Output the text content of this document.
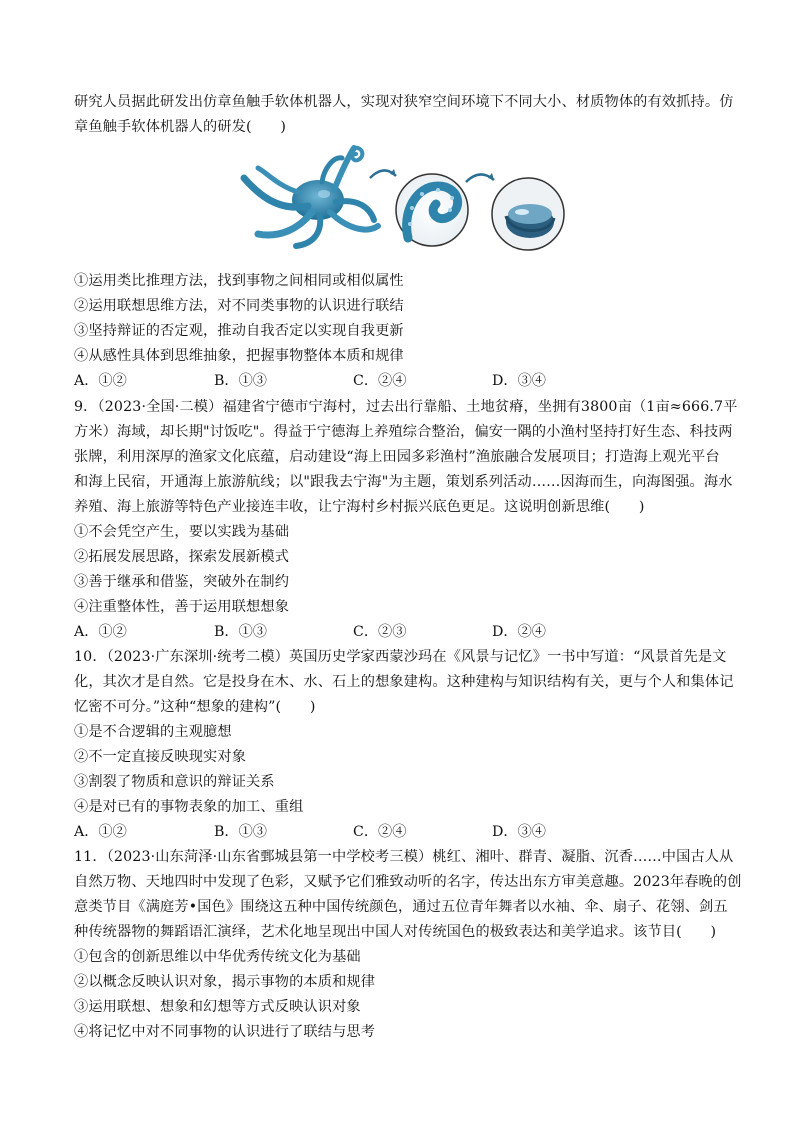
研究人员据此研发出仿章鱼触手软体机器人，实现对狭窄空间环境下不同大小、材质物体的有效抓持。仿
章鱼触手软体机器人的研发(　　)
①运用类比推理方法，找到事物之间相同或相似属性
②运用联想思维方法，对不同类事物的认识进行联结
③坚持辩证的否定观，推动自我否定以实现自我更新
④从感性具体到思维抽象，把握事物整体本质和规律
A．①②	B．①③	C．②④	D．③④
9．（2023·全国·二模）福建省宁德市宁海村，过去出行靠船、土地贫瘠，坐拥有3800亩（1亩≈666.7平
方米）海域，却长期"讨饭吃"。得益于宁德海上养殖综合整治，偏安一隅的小渔村坚持打好生态、科技两
张牌，利用深厚的渔家文化底蕴，启动建设“海上田园多彩渔村”渔旅融合发展项目；打造海上观光平台
和海上民宿，开通海上旅游航线；以"跟我去宁海"为主题，策划系列活动……因海而生，向海图强。海水
养殖、海上旅游等特色产业接连丰收，让宁海村乡村振兴底色更足。这说明创新思维(　　)
①不会凭空产生，要以实践为基础
②拓展发展思路，探索发展新模式
③善于继承和借鉴，突破外在制约
④注重整体性，善于运用联想想象
A．①②	B．①③	C．②③	D．②④
10．（2023·广东深圳·统考二模）英国历史学家西蒙沙玛在《风景与记忆》一书中写道：“风景首先是文
化，其次才是自然。它是投身在木、水、石上的想象建构。这种建构与知识结构有关，更与个人和集体记
忆密不可分。”这种“想象的建构”(　　)
①是不合逻辑的主观臆想
②不一定直接反映现实对象
③割裂了物质和意识的辩证关系
④是对已有的事物表象的加工、重组
A．①②	B．①③	C．②④	D．③④
11．（2023·山东菏泽·山东省鄄城县第一中学校考三模）桃红、湘叶、群青、凝脂、沉香……中国古人从
自然万物、天地四时中发现了色彩，又赋予它们雅致动听的名字，传达出东方审美意趣。2023年春晚的创
意类节目《满庭芳•国色》围绕这五种中国传统颜色，通过五位青年舞者以水袖、伞、扇子、花翎、剑五
种传统器物的舞蹈语汇演绎，艺术化地呈现出中国人对传统国色的极致表达和美学追求。该节目(　　)
①包含的创新思维以中华优秀传统文化为基础
②以概念反映认识对象，揭示事物的本质和规律
③运用联想、想象和幻想等方式反映认识对象
④将记忆中对不同事物的认识进行了联结与思考
